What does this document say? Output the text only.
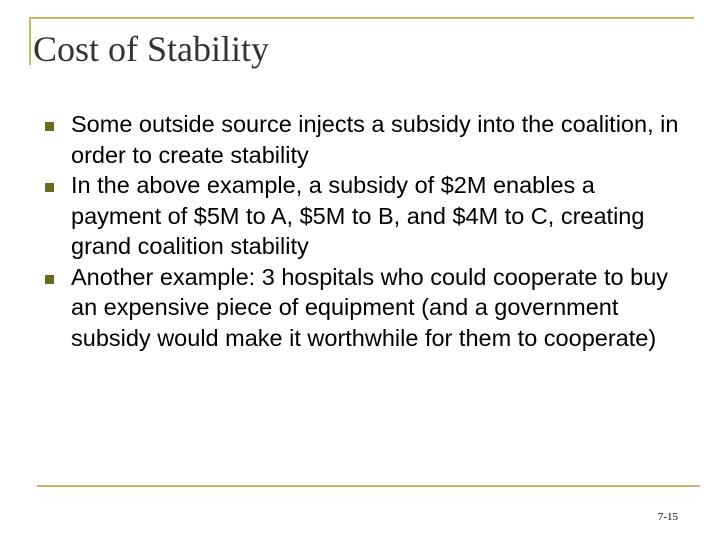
Cost of Stability
Some outside source injects a subsidy into the coalition, in order to create stability
In the above example, a subsidy of $2M enables a payment of $5M to A, $5M to B, and $4M to C, creating grand coalition stability
Another example: 3 hospitals who could cooperate to buy an expensive piece of equipment (and a government subsidy would make it worthwhile for them to cooperate)
7-15
